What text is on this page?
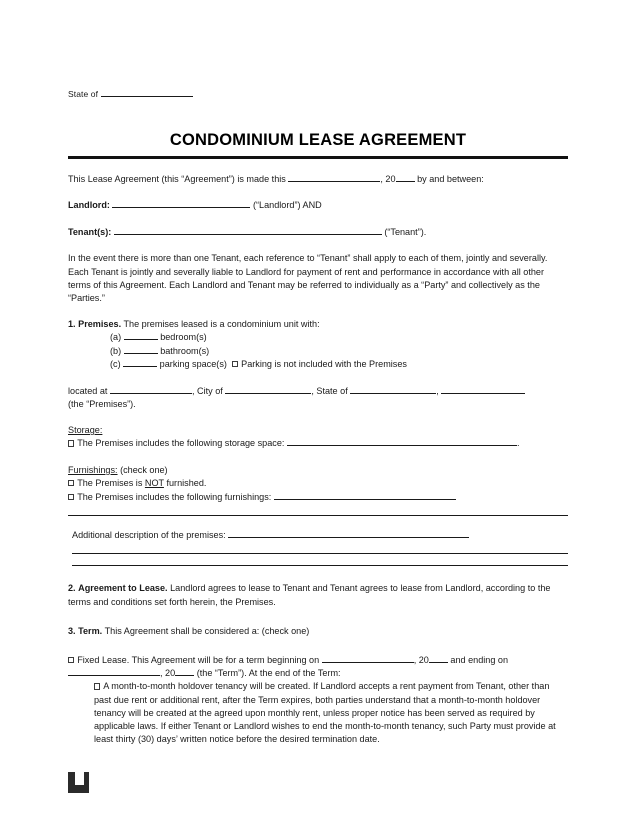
State of
CONDOMINIUM LEASE AGREEMENT

This Lease Agreement (this “Agreement”) is made this	, 20 by and between:

Landlord:	(“Landlord”) AND
Tenant(s):	(“Tenant”).

In the event there is more than one Tenant, each reference to “Tenant” shall apply to each of them, jointly and severally. Each Tenant is jointly and severally liable to Landlord for payment of rent and performance in accordance with all other terms of this Agreement. Each Landlord and Tenant may be referred to individually as a “Party” and collectively as the “Parties.”

1. Premises. The premises leased is a condominium unit with:

(a)	bedroom(s)
(b)	bathroom(s)
(c)	parking space(s) Parking is not included with the Premises

located at	, City of	, State of	,
(the “Premises”).

Storage:
The Premises includes the following storage space:	.
Furnishings: (check one)
The Premises is NOT furnished.
The Premises includes the following furnishings:
Additional description of the premises:

2. Agreement to Lease. Landlord agrees to lease to Tenant and Tenant agrees to lease from Landlord, according to the terms and conditions set forth herein, the Premises.

3. Term. This Agreement shall be considered a: (check one)

Fixed Lease. This Agreement will be for a term beginning on	, 20 and ending on
, 20 (the “Term”). At the end of the Term:

A month-to-month holdover tenancy will be created. If Landlord accepts a rent payment from Tenant, other than past due rent or additional rent, after the Term expires, both parties understand that a month-to-month holdover tenancy will be created at the agreed upon monthly rent, unless proper notice has been served as required by applicable laws. If either Tenant or Landlord wishes to end the month-to-month tenancy, such Party must provide at least thirty (30) days’ written notice before the desired termination date.
